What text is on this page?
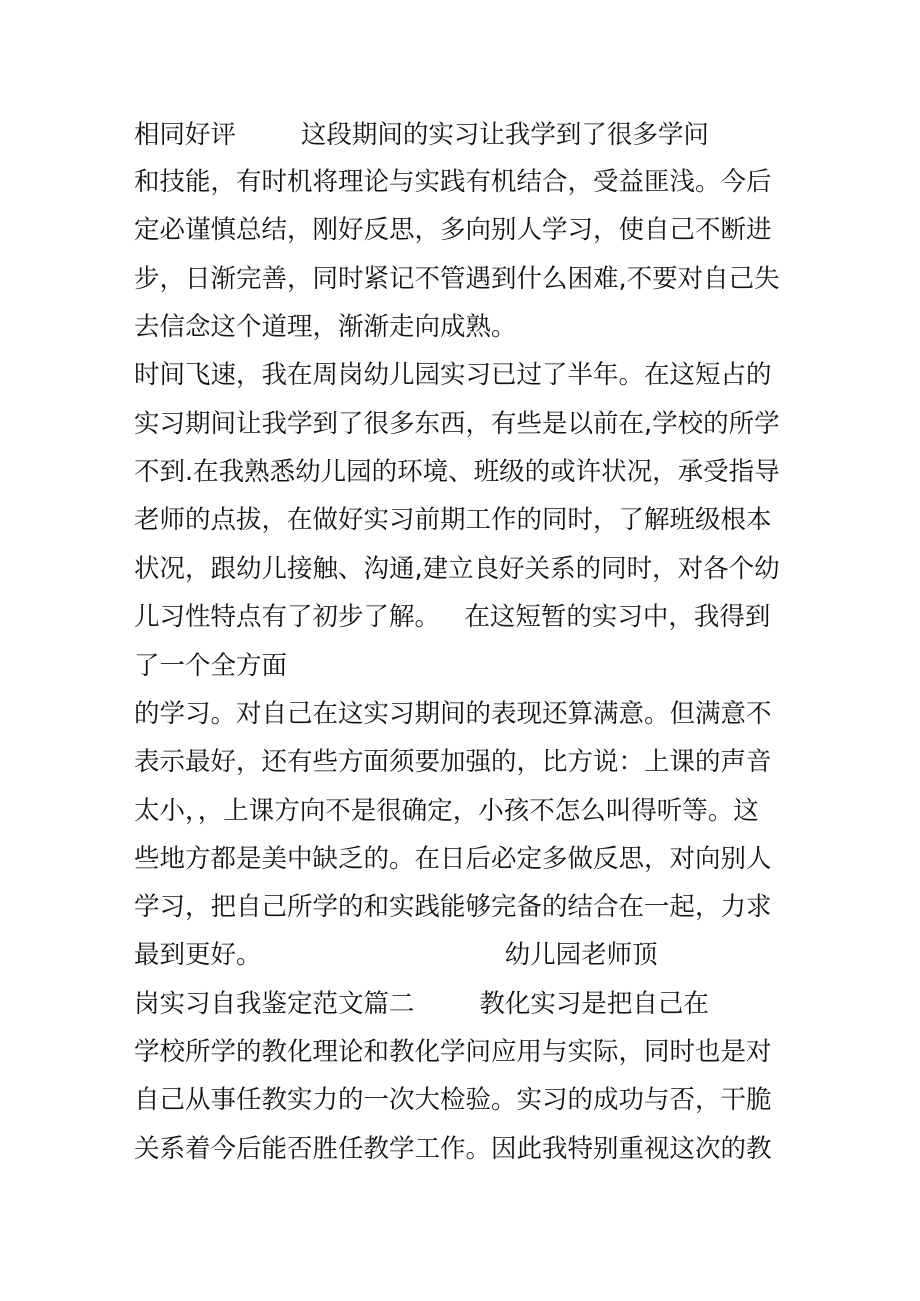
相同好评        这段期间的实习让我学到了很多学问
和技能，有时机将理论与实践有机结合，受益匪浅。今后
定必谨慎总结，刚好反思，多向别人学习，使自己不断进
步，日渐完善，同时紧记不管遇到什么困难,不要对自己失
去信念这个道理，渐渐走向成熟。
时间飞速，我在周岗幼儿园实习已过了半年。在这短占的
实习期间让我学到了很多东西，有些是以前在,学校的所学
不到.在我熟悉幼儿园的环境、班级的或许状况，承受指导
老师的点拔，在做好实习前期工作的同时，了解班级根本
状况，跟幼儿接触、沟通,建立良好关系的同时，对各个幼
儿习性特点有了初步了解。   在这短暂的实习中，我得到
了一个全方面
的学习。对自己在这实习期间的表现还算满意。但满意不
表示最好，还有些方面须要加强的，比方说：上课的声音
太小，，上课方向不是很确定，小孩不怎么叫得听等。这
些地方都是美中缺乏的。在日后必定多做反思，对向别人
学习，把自己所学的和实践能够完备的结合在一起，力求
最到更好。                              幼儿园老师顶
岗实习自我鉴定范文篇二        教化实习是把自己在
学校所学的教化理论和教化学问应用与实际，同时也是对
自己从事任教实力的一次大检验。实习的成功与否，干脆
关系着今后能否胜任教学工作。因此我特别重视这次的教
